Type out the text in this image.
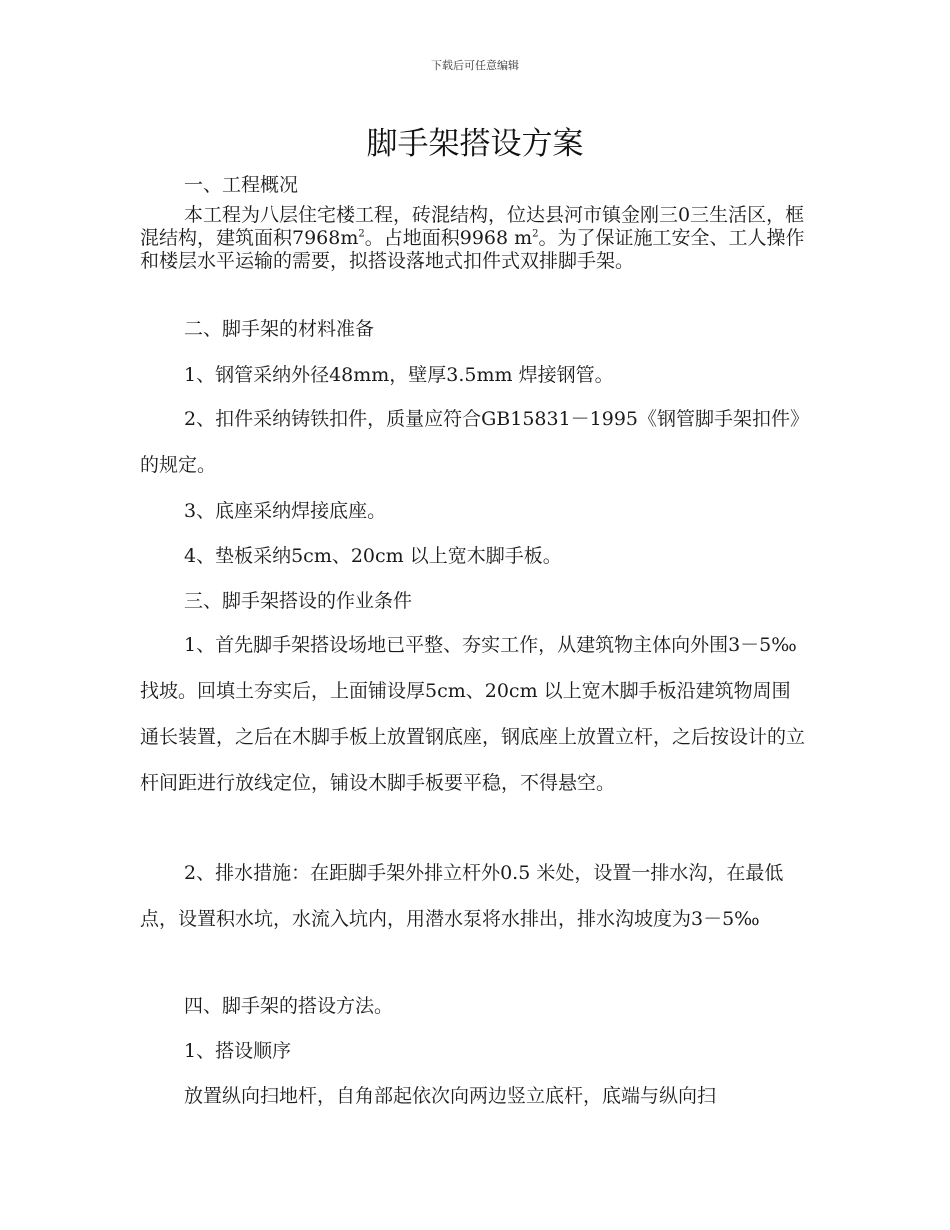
下载后可任意编辑
脚手架搭设方案

一、工程概况

本工程为八层住宅楼工程，砖混结构，位达县河市镇金刚三0三生活区，框混结构，建筑面积$7968m^2$。占地面积9968 $m^2$。为了保证施工安全、工人操作和楼层水平运输的需要，拟搭设落地式扣件式双排脚手架。

二、脚手架的材料准备

1、钢管采纳外径48mm，壁厚3.5mm 焊接钢管。

2、扣件采纳铸铁扣件，质量应符合GB15831－1995《钢管脚手架扣件》的规定。

3、底座采纳焊接底座。

4、垫板采纳5cm、20cm 以上宽木脚手板。

三、脚手架搭设的作业条件

1、首先脚手架搭设场地已平整、夯实工作，从建筑物主体向外围3－5‰找坡。回填土夯实后，上面铺设厚5cm、20cm 以上宽木脚手板沿建筑物周围通长装置，之后在木脚手板上放置钢底座，钢底座上放置立杆，之后按设计的立杆间距进行放线定位，铺设木脚手板要平稳，不得悬空。

2、排水措施：在距脚手架外排立杆外0.5 米处，设置一排水沟，在最低点，设置积水坑，水流入坑内，用潜水泵将水排出，排水沟坡度为3－5‰

四、脚手架的搭设方法。

1、搭设顺序

放置纵向扫地杆，自角部起依次向两边竖立底杆，底端与纵向扫
